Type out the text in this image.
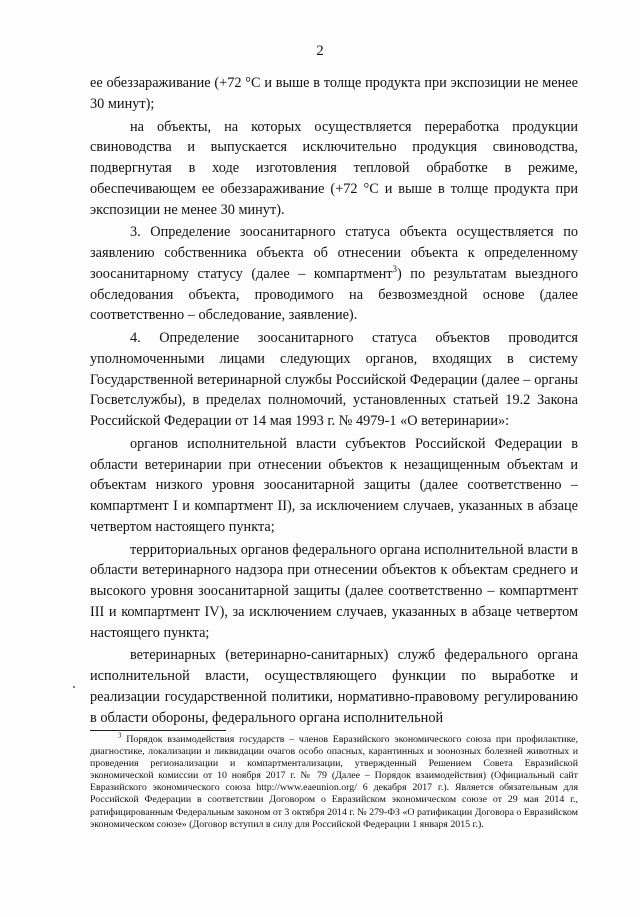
2

ее обеззараживание (+72 °С и выше в толще продукта при экспозиции не менее 30 минут);

на объекты, на которых осуществляется переработка продукции свиноводства и выпускается исключительно продукция свиноводства, подвергнутая в ходе изготовления тепловой обработке в режиме, обеспечивающем ее обеззараживание (+72 °С и выше в толще продукта при экспозиции не менее 30 минут).

3. Определение зоосанитарного статуса объекта осуществляется по заявлению собственника объекта об отнесении объекта к определенному зоосанитарному статусу (далее – компартмент$^3$) по результатам выездного обследования объекта, проводимого на безвозмездной основе (далее соответственно – обследование, заявление).

4. Определение зоосанитарного статуса объектов проводится уполномоченными лицами следующих органов, входящих в систему Государственной ветеринарной службы Российской Федерации (далее – органы Госветслужбы), в пределах полномочий, установленных статьей 19.2 Закона Российской Федерации от 14 мая 1993 г. № 4979-1 «О ветеринарии»:

органов исполнительной власти субъектов Российской Федерации в области ветеринарии при отнесении объектов к незащищенным объектам и объектам низкого уровня зоосанитарной защиты (далее соответственно – компартмент I и компартмент II), за исключением случаев, указанных в абзаце четвертом настоящего пункта;

территориальных органов федерального органа исполнительной власти в области ветеринарного надзора при отнесении объектов к объектам среднего и высокого уровня зоосанитарной защиты (далее соответственно – компартмент III и компартмент IV), за исключением случаев, указанных в абзаце четвертом настоящего пункта;

ветеринарных (ветеринарно-санитарных) служб федерального органа исполнительной власти, осуществляющего функции по выработке и реализации государственной политики, нормативно-правовому регулированию в области обороны, федерального органа исполнительной

$^3$ Порядок взаимодействия государств – членов Евразийского экономического союза при профилактике, диагностике, локализации и ликвидации очагов особо опасных, карантинных и зоонозных болезней животных и проведения регионализации и компартментализации, утвержденный Решением Совета Евразийской экономической комиссии от 10 ноября 2017 г. № 79 (Далее – Порядок взаимодействия) (Официальный сайт Евразийского экономического союза http://www.eaeunion.org/ 6 декабря 2017 г.). Является обязательным для Российской Федерации в соответствии Договором о Евразийском экономическом союзе от 29 мая 2014 г., ратифицированным Федеральным законом от 3 октября 2014 г. № 279-ФЗ «О ратификации Договора о Евразийском экономическом союзе» (Договор вступил в силу для Российской Федерации 1 января 2015 г.).
